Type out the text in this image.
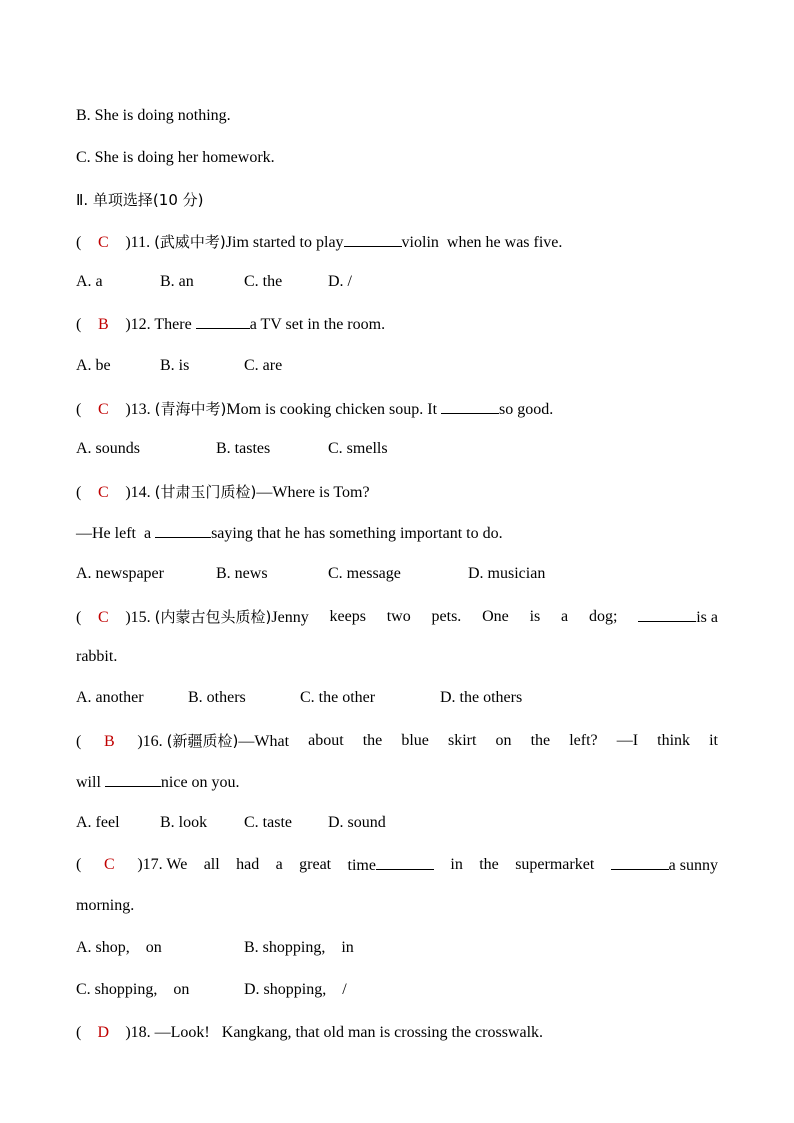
B. She is doing nothing.
C. She is doing her homework.
Ⅱ. 单项选择(10 分)
( C )11. (武威中考)Jim started to play	violin  when he was five.
A. a	B. an	C. the	D. /
( B )12. There	a TV set in the room.
A. be	B. is	C. are
( C )13. (青海中考)Mom is cooking chicken soup. It	so good.
A. sounds	B. tastes	C. smells
( C )14. (甘肃玉门质检)—Where is Tom?
—He left  a	saying that he has something important to do.
A. newspaper	B. news	C. message	D. musician
( C )15. (内蒙古包头质检)Jenny keeps two pets. One is a dog;	is a
rabbit.
A. another	B. others	C. the other	D. the others
( B )16. (新疆质检)—What about the blue skirt on the left? —I think it
will	nice on you.
A. feel	B. look C. taste D. sound
( C )17. We all had a great time	in the supermarket	a sunny
morning.
A. shop,    on	B. shopping,    in
C. shopping,    on	D. shopping,    /
( D )18. —Look!   Kangkang, that old man is crossing the crosswalk.
